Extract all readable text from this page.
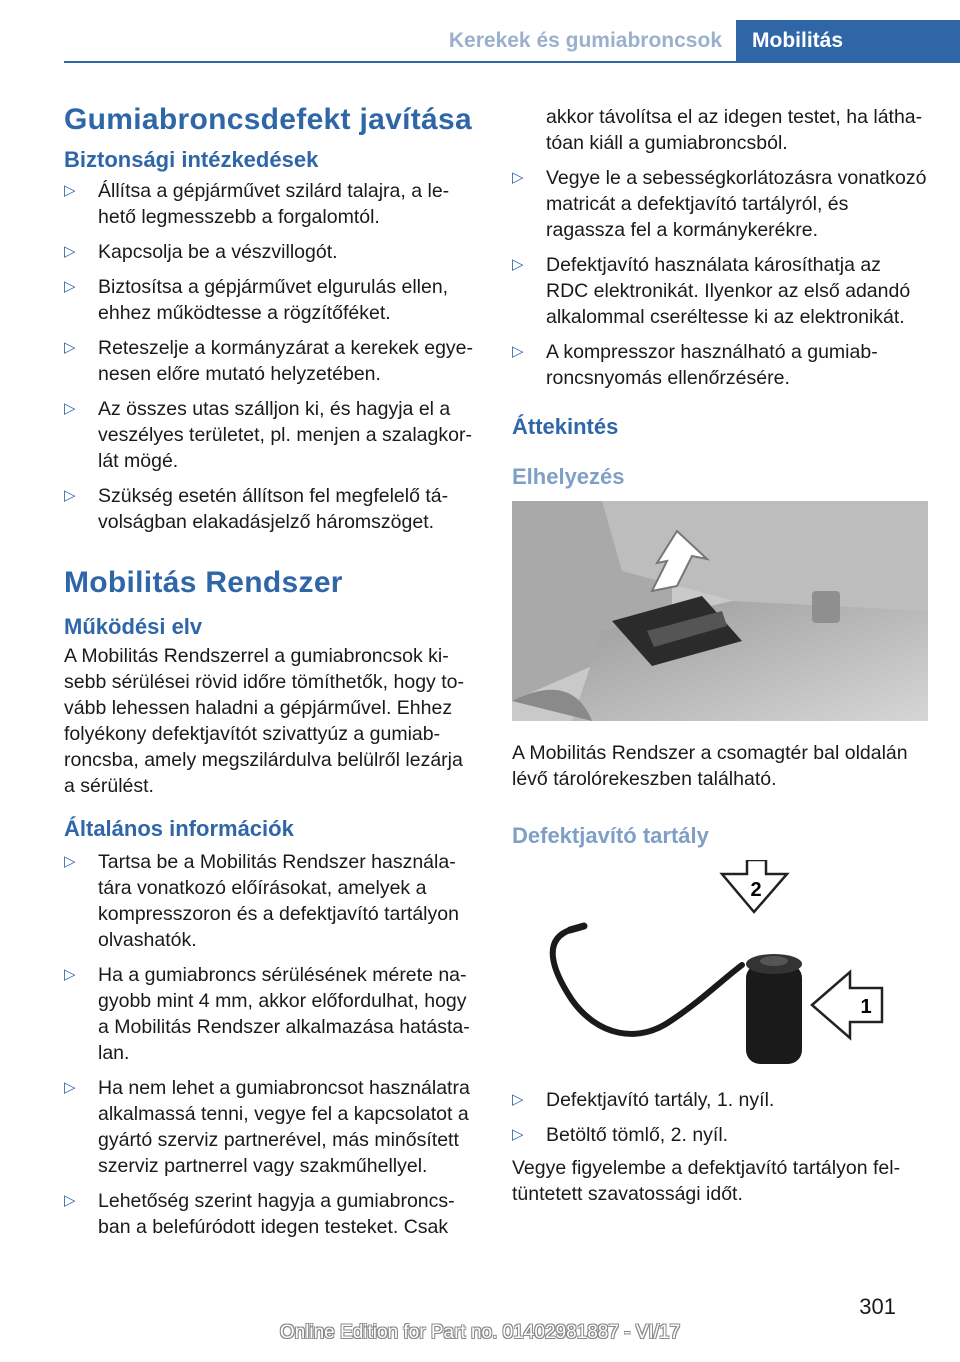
Kerekek és gumiabroncsok	Mobilitás
Gumiabroncsdefekt javítása
Biztonsági intézkedések
▷ Állítsa a gépjárművet szilárd talajra, a lehető legmesszebb a forgalomtól.
▷ Kapcsolja be a vészvillogót.
▷ Biztosítsa a gépjárművet elgurulás ellen, ehhez működtesse a rögzítőféket.
▷ Reteszelje a kormányzárat a kerekek egyenesen előre mutató helyzetében.
▷ Az összes utas szálljon ki, és hagyja el a veszélyes területet, pl. menjen a szalagkorlát mögé.
▷ Szükség esetén állítson fel megfelelő távolságban elakadásjelző háromszöget.
Mobilitás Rendszer
Működési elv

A Mobilitás Rendszerrel a gumiabroncsok kisebb sérülései rövid időre tömíthetők, hogy tovább lehessen haladni a gépjárművel. Ehhez folyékony defektjavítót szivattyúz a gumiabroncsba, amely megszilárdulva belülről lezárja a sérülést.

Általános információk
▷ Tartsa be a Mobilitás Rendszer használatára vonatkozó előírásokat, amelyek a kompresszoron és a defektjavító tartályon olvashatók.
▷ Ha a gumiabroncs sérülésének mérete nagyobb mint 4 mm, akkor előfordulhat, hogy a Mobilitás Rendszer alkalmazása hatástalan.
▷ Ha nem lehet a gumiabroncsot használatra alkalmassá tenni, vegye fel a kapcsolatot a gyártó szerviz partnerével, más minősített szerviz partnerrel vagy szakműhellyel.
▷ Lehetőség szerint hagyja a gumiabroncsban a belefúródott idegen testeket. Csak
akkor távolítsa el az idegen testet, ha láthatóan kiáll a gumiabroncsból.
▷ Vegye le a sebességkorlátozásra vonatkozó matricát a defektjavító tartályról, és ragassza fel a kormánykerékre.
▷ Defektjavító használata károsíthatja az RDC elektronikát. Ilyenkor az első adandó alkalommal cseréltesse ki az elektronikát.
▷ A kompresszor használható a gumiabroncsnyomás ellenőrzésére.
Áttekintés
Elhelyezés

A Mobilitás Rendszer a csomagtér bal oldalán lévő tárolórekeszben található.

Defektjavító tartály
2
1
▷ Defektjavító tartály, 1. nyíl.
▷ Betöltő tömlő, 2. nyíl.

Vegye figyelembe a defektjavító tartályon feltüntetett szavatossági időt.

301
Online Edition for Part no. 01402981887 - VI/17
